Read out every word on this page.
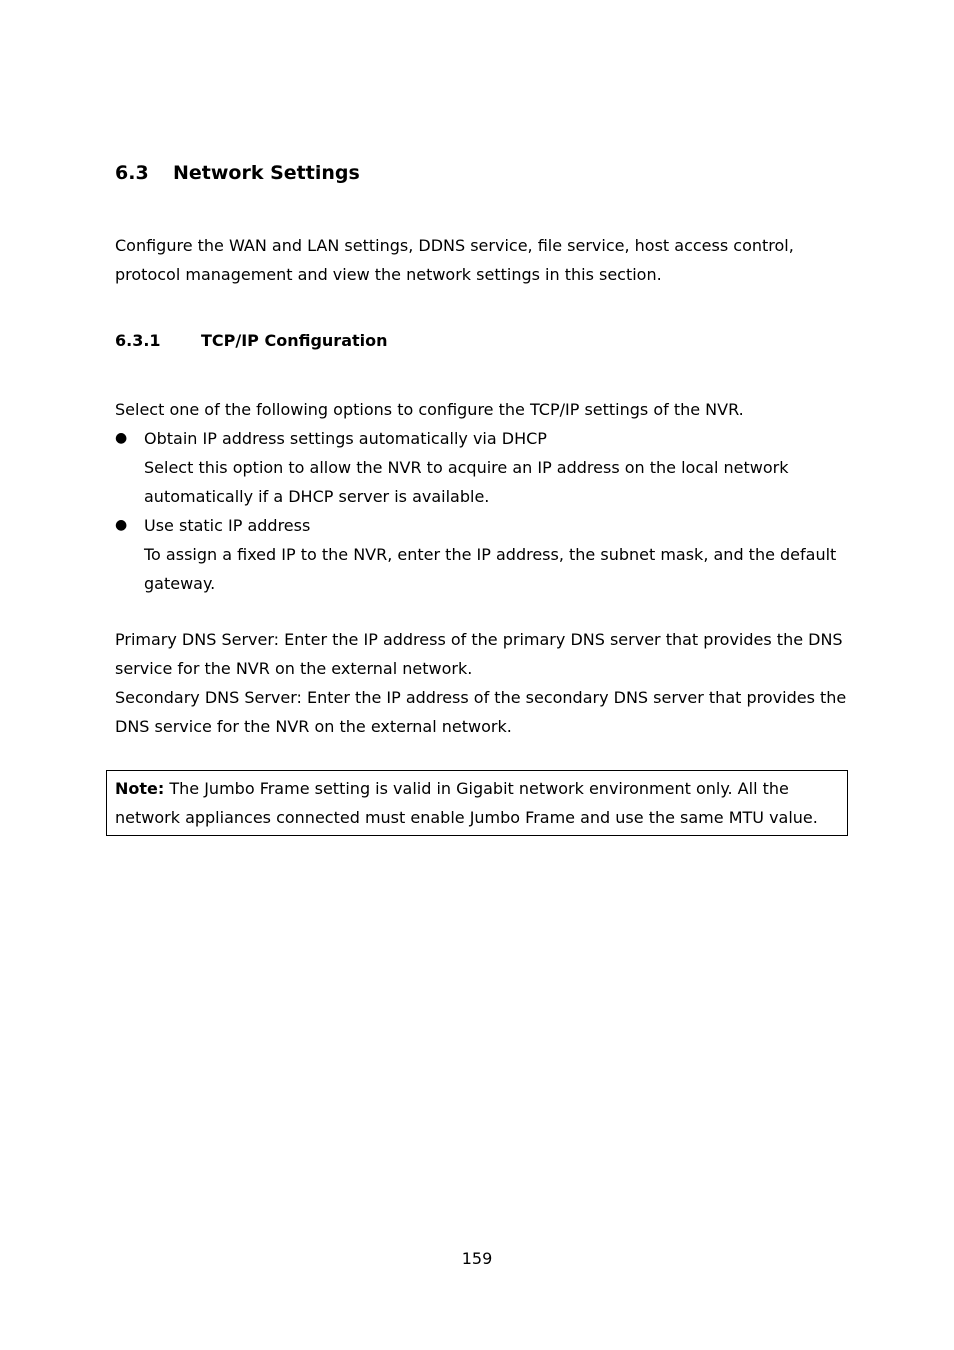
6.3 Network Settings

Configure the WAN and LAN settings, DDNS service, file service, host access control, protocol management and view the network settings in this section.

6.3.1	TCP/IP Configuration

Select one of the following options to configure the TCP/IP settings of the NVR.

● Obtain IP address settings automatically via DHCP
Select this option to allow the NVR to acquire an IP address on the local network automatically if a DHCP server is available.
● Use static IP address
To assign a fixed IP to the NVR, enter the IP address, the subnet mask, and the default gateway.
Primary DNS Server: Enter the IP address of the primary DNS server that provides the DNS service for the NVR on the external network.
Secondary DNS Server: Enter the IP address of the secondary DNS server that provides the DNS service for the NVR on the external network.
Note: The Jumbo Frame setting is valid in Gigabit network environment only. All the network appliances connected must enable Jumbo Frame and use the same MTU value.
159
